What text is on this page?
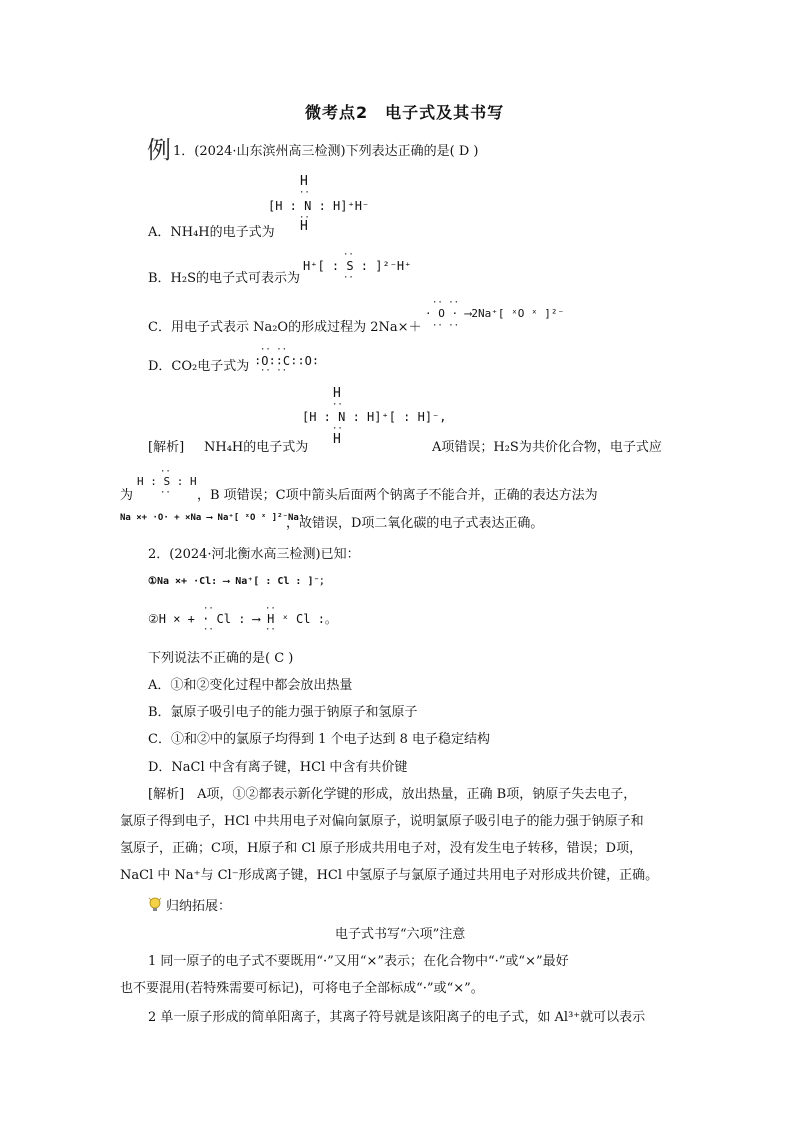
微考点2　电子式及其书写
例 1．(2024·山东滨州高三检测)下列表达正确的是( D )
H
··
[H : N : H]⁺H⁻
··
H
A．NH₄H的电子式为
··
H⁺[ : S : ]²⁻H⁺
··
B．H₂S的电子式可表示为
·· ··
· O · ⟶2Na⁺[ ˣO ˣ ]²⁻
·· ··
C．用电子式表示 Na₂O的形成过程为 2Na×＋
·· ··
∶O∶∶C∶∶O∶
·· ··
D．CO₂电子式为
H
··
[H : N : H]⁺[ : H]⁻,
··
H
[解析] NH₄H的电子式为	A项错误；H₂S为共价化合物，电子式应
为
··
H : S : H
·· ，B 项错误；C项中箭头后面两个钠离子不能合并，正确的表达方法为
Na ×+ ·O· + ×Na ⟶ Na⁺[ ˣO ˣ ]²⁻Na⁺
，故错误，D项二氧化碳的电子式表达正确。
2．(2024·河北衡水高三检测)已知：
①Na ×+ ·Cl: ⟶ Na⁺[ : Cl : ]⁻；
··	··
②H × + · Cl : ⟶ H ˣ Cl :。
··	··
下列说法不正确的是( C )
A．①和②变化过程中都会放出热量
B．氯原子吸引电子的能力强于钠原子和氢原子
C．①和②中的氯原子均得到 1 个电子达到 8 电子稳定结构
D．NaCl 中含有离子键，HCl 中含有共价键
[解析]　A项，①②都表示新化学键的形成，放出热量，正确 B项，钠原子失去电子，
氯原子得到电子，HCl 中共用电子对偏向氯原子，说明氯原子吸引电子的能力强于钠原子和
氢原子，正确；C项，H原子和 Cl 原子形成共用电子对，没有发生电子转移，错误；D项，
NaCl 中 Na⁺与 Cl⁻形成离子键，HCl 中氢原子与氯原子通过共用电子对形成共价键，正确。
归纳拓展：
电子式书写“六项”注意
1 同一原子的电子式不要既用“·”又用“×”表示；在化合物中“·”或“×”最好
也不要混用(若特殊需要可标记)，可将电子全部标成“·”或“×”。
2 单一原子形成的简单阳离子，其离子符号就是该阳离子的电子式，如 Al³⁺就可以表示
